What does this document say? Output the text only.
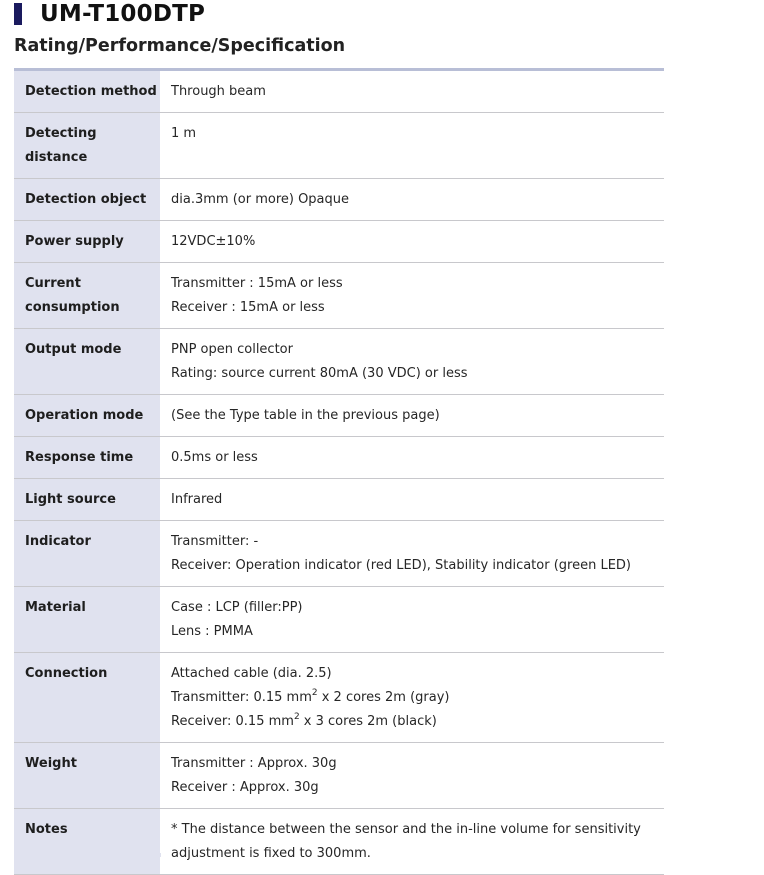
UM-T100DTP
Rating/Performance/Specification
Detection method	Through beam

Detecting
distance	1 m
Detection object	dia.3mm (or more) Opaque
Power supply	12VDC±10%

Current
consumption	Transmitter : 15mA or less
Receiver : 15mA or less

Output mode	PNP open collector
Rating: source current 80mA (30 VDC) or less

Operation mode	(See the Type table in the previous page)
Response time	0.5ms or less
Light source	Infrared
Indicator	Transmitter: -
Receiver: Operation indicator (red LED), Stability indicator (green LED)

Material	Case : LCP (filler:PP)
Lens : PMMA

Connection	Attached cable (dia. 2.5)
Transmitter: 0.15 $mm^2$ x 2 cores 2m (gray)
Receiver: 0.15 $mm^2$ x 3 cores 2m (black)

Weight	Transmitter : Approx. 30g
Receiver : Approx. 30g

Notes	* The distance between the sensor and the in-line volume for sensitivity adjustment is fixed to 300mm.
